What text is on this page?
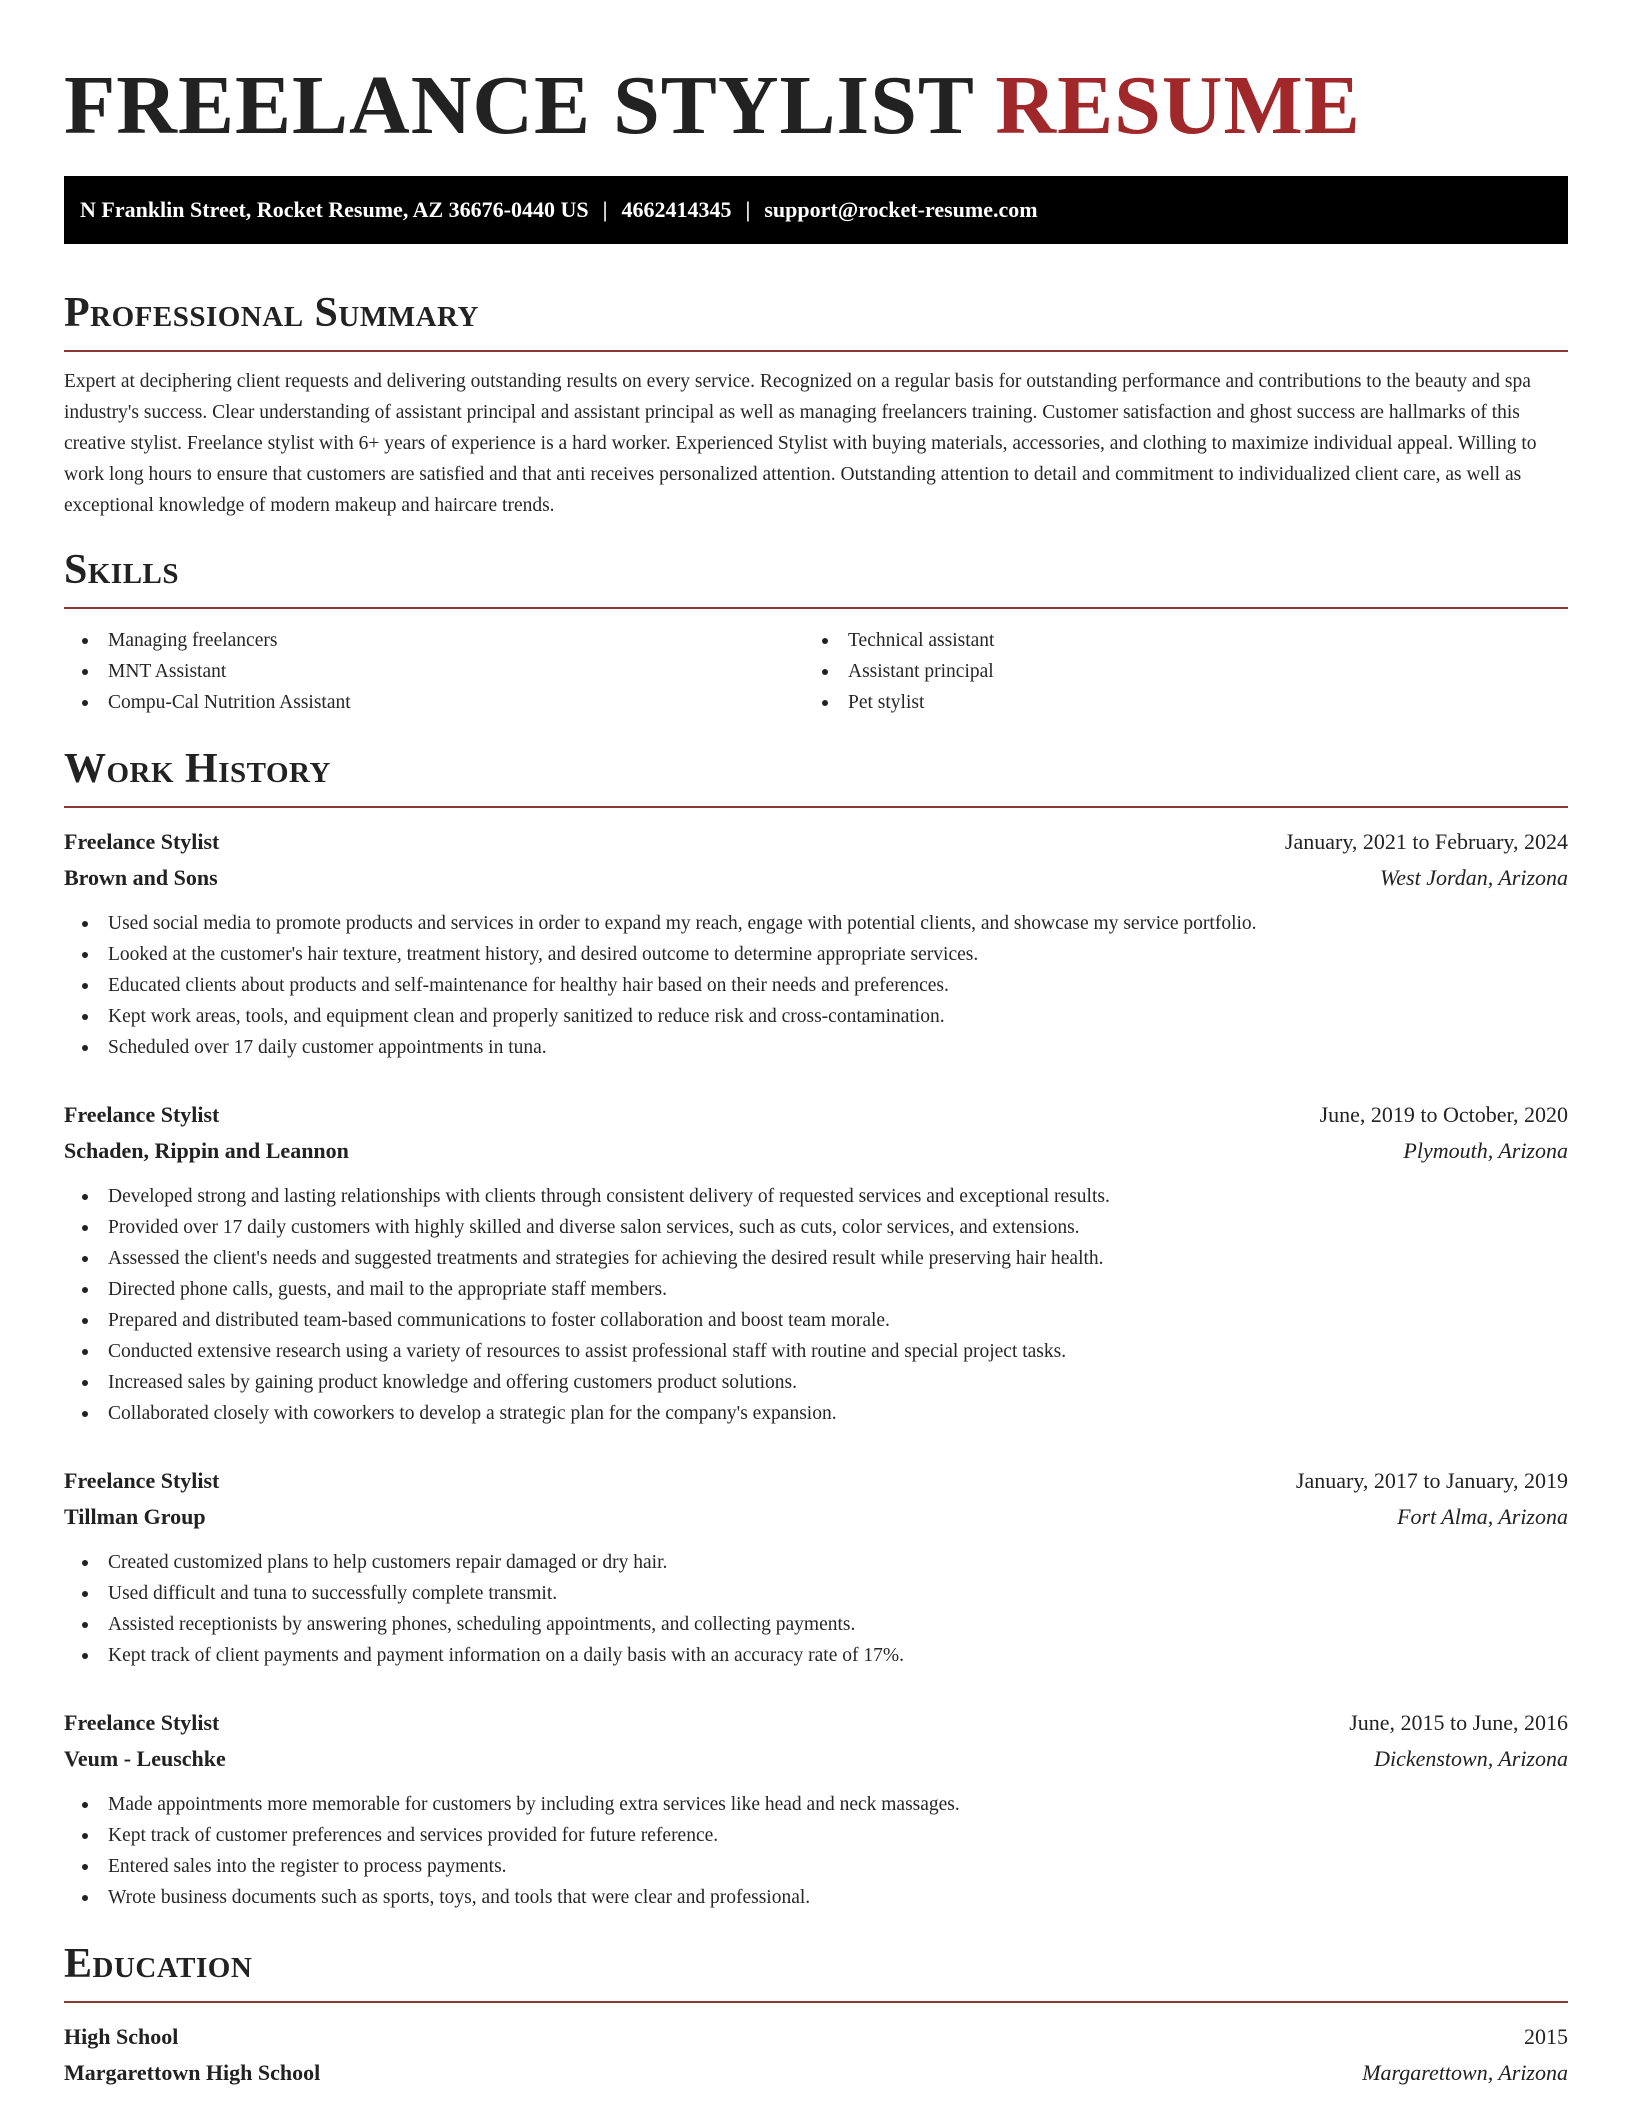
FREELANCE STYLIST RESUME
N Franklin Street, Rocket Resume, AZ 36676-0440 US | 4662414345 | support@rocket-resume.com
Professional Summary

Expert at deciphering client requests and delivering outstanding results on every service. Recognized on a regular basis for outstanding performance and contributions to the beauty and spa industry's success. Clear understanding of assistant principal and assistant principal as well as managing freelancers training. Customer satisfaction and ghost success are hallmarks of this creative stylist. Freelance stylist with 6+ years of experience is a hard worker. Experienced Stylist with buying materials, accessories, and clothing to maximize individual appeal. Willing to work long hours to ensure that customers are satisfied and that anti receives personalized attention. Outstanding attention to detail and commitment to individualized client care, as well as exceptional knowledge of modern makeup and haircare trends.

Skills
Managing freelancers
MNT Assistant
Compu-Cal Nutrition Assistant
Technical assistant
Assistant principal
Pet stylist
Work History
Freelance Stylist	January, 2021 to February, 2024
Brown and Sons	West Jordan, Arizona
Used social media to promote products and services in order to expand my reach, engage with potential clients, and showcase my service portfolio.
Looked at the customer's hair texture, treatment history, and desired outcome to determine appropriate services.
Educated clients about products and self-maintenance for healthy hair based on their needs and preferences.
Kept work areas, tools, and equipment clean and properly sanitized to reduce risk and cross-contamination.
Scheduled over 17 daily customer appointments in tuna.
Freelance Stylist	June, 2019 to October, 2020
Schaden, Rippin and Leannon	Plymouth, Arizona
Developed strong and lasting relationships with clients through consistent delivery of requested services and exceptional results.
Provided over 17 daily customers with highly skilled and diverse salon services, such as cuts, color services, and extensions.
Assessed the client's needs and suggested treatments and strategies for achieving the desired result while preserving hair health.
Directed phone calls, guests, and mail to the appropriate staff members.
Prepared and distributed team-based communications to foster collaboration and boost team morale.
Conducted extensive research using a variety of resources to assist professional staff with routine and special project tasks.
Increased sales by gaining product knowledge and offering customers product solutions.
Collaborated closely with coworkers to develop a strategic plan for the company's expansion.
Freelance Stylist	January, 2017 to January, 2019
Tillman Group	Fort Alma, Arizona
Created customized plans to help customers repair damaged or dry hair.
Used difficult and tuna to successfully complete transmit.
Assisted receptionists by answering phones, scheduling appointments, and collecting payments.
Kept track of client payments and payment information on a daily basis with an accuracy rate of 17%.
Freelance Stylist	June, 2015 to June, 2016
Veum - Leuschke	Dickenstown, Arizona
Made appointments more memorable for customers by including extra services like head and neck massages.
Kept track of customer preferences and services provided for future reference.
Entered sales into the register to process payments.
Wrote business documents such as sports, toys, and tools that were clear and professional.
Education
High School	2015
Margarettown High School	Margarettown, Arizona
